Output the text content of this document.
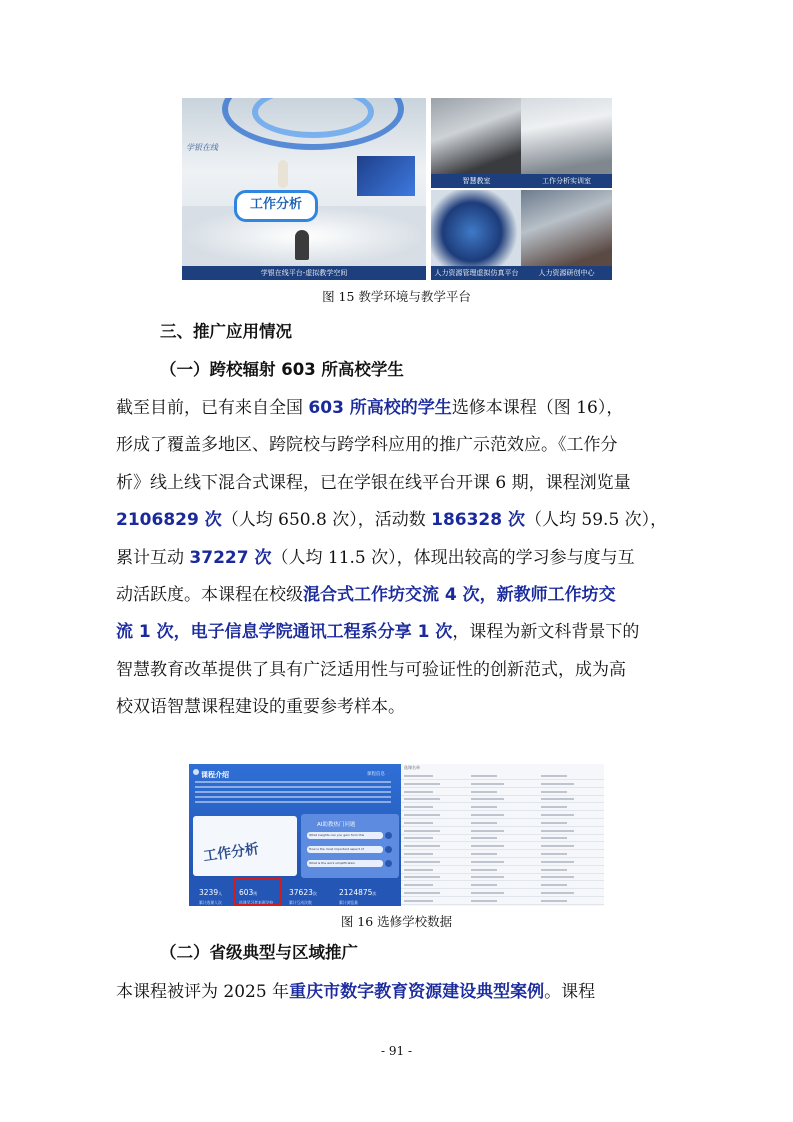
学银在线
工作分析
学银在线平台-虚拟教学空间
智慧教室	工作分析实训室
人力资源管理虚拟仿真平台	人力资源研创中心
图 15 教学环境与教学平台
三、推广应用情况
（一）跨校辐射 603 所高校学生
截至目前，已有来自全国 603 所高校的学生选修本课程（图 16），
形成了覆盖多地区、跨院校与跨学科应用的推广示范效应。《工作分
析》线上线下混合式课程，已在学银在线平台开课 6 期，课程浏览量
2106829 次（人均 650.8 次），活动数 186328 次（人均 59.5 次），
累计互动 37227 次（人均 11.5 次），体现出较高的学习参与度与互
动活跃度。本课程在校级混合式工作坊交流 4 次，新教师工作坊交
流 1 次，电子信息学院通讯工程系分享 1 次，课程为新文科背景下的
智慧教育改革提供了具有广泛适用性与可验证性的创新范式，成为高
校双语智慧课程建设的重要参考样本。
课程介绍	课程信息
工作分析
AI助教热门问题
What insights can you gain from this
How is the most important aspect of
What is the work simplification
3239人
累计选课人次
603所
选课学习者来源学校
37623次
累计互动次数
2124875次
累计浏览量
选课名单
图 16 选修学校数据
（二）省级典型与区域推广
本课程被评为 2025 年重庆市数字教育资源建设典型案例。课程
- 91 -
